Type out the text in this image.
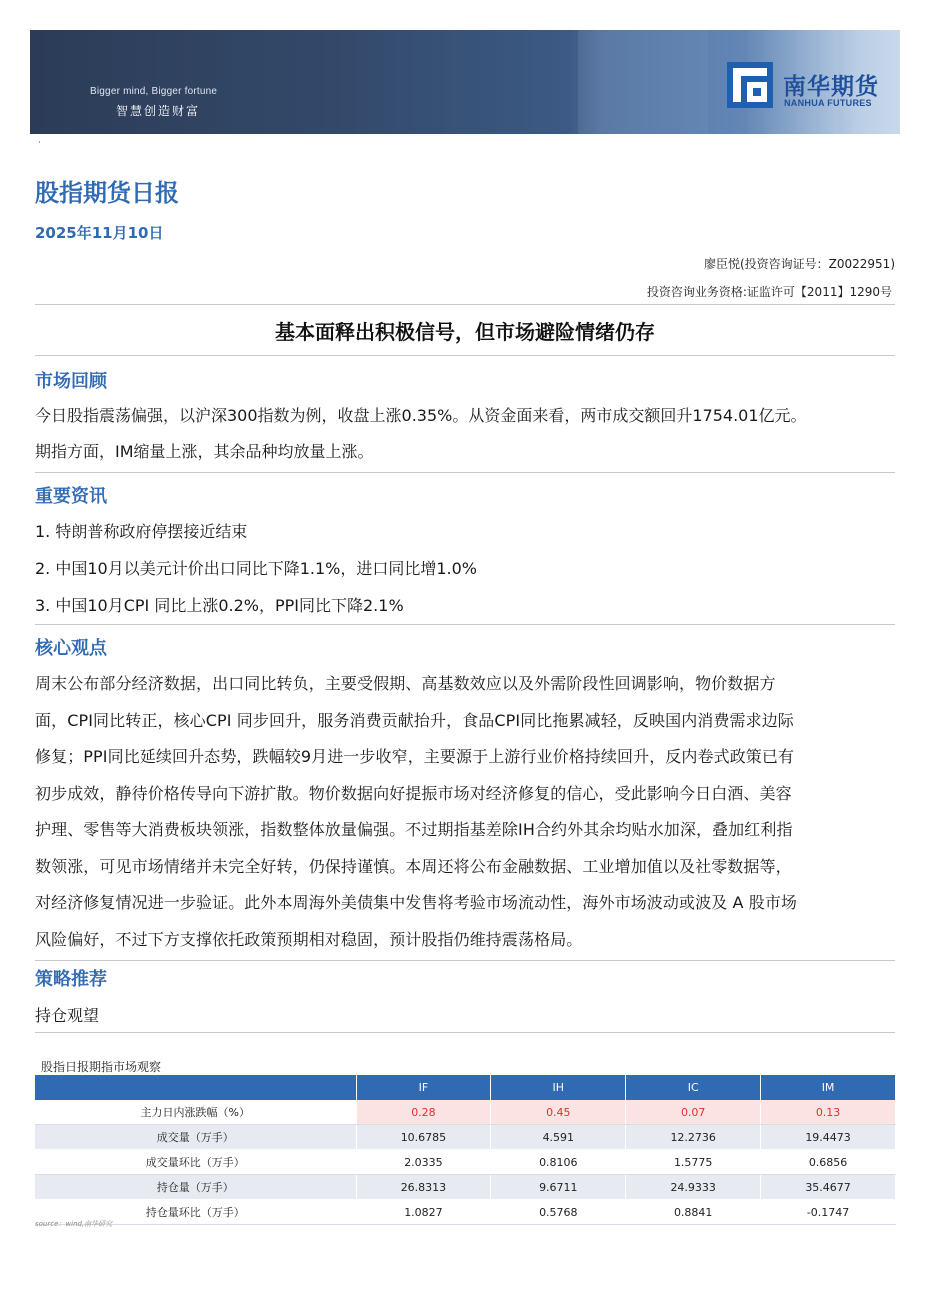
Bigger mind, Bigger fortune
智慧创造财富
南华期货
NANHUA FUTURES
·
股指期货日报
2025年11月10日
廖臣悦(投资咨询证号：Z0022951)
投资咨询业务资格:证监许可【2011】1290号
基本面释出积极信号，但市场避险情绪仍存
市场回顾
今日股指震荡偏强，以沪深300指数为例，收盘上涨0.35%。从资金面来看，两市成交额回升1754.01亿元。
期指方面，IM缩量上涨，其余品种均放量上涨。
重要资讯
1. 特朗普称政府停摆接近结束
2. 中国10月以美元计价出口同比下降1.1%，进口同比增1.0%
3. 中国10月CPI 同比上涨0.2%，PPI同比下降2.1%
核心观点
周末公布部分经济数据，出口同比转负，主要受假期、高基数效应以及外需阶段性回调影响，物价数据方
面，CPI同比转正，核心CPI 同步回升，服务消费贡献抬升，食品CPI同比拖累减轻，反映国内消费需求边际
修复；PPI同比延续回升态势，跌幅较9月进一步收窄，主要源于上游行业价格持续回升，反内卷式政策已有
初步成效，静待价格传导向下游扩散。物价数据向好提振市场对经济修复的信心，受此影响今日白酒、美容
护理、零售等大消费板块领涨，指数整体放量偏强。不过期指基差除IH合约外其余均贴水加深，叠加红利指
数领涨，可见市场情绪并未完全好转，仍保持谨慎。本周还将公布金融数据、工业增加值以及社零数据等，
对经济修复情况进一步验证。此外本周海外美债集中发售将考验市场流动性，海外市场波动或波及 A 股市场
风险偏好，不过下方支撑依托政策预期相对稳固，预计股指仍维持震荡格局。
策略推荐
持仓观望
股指日报期指市场观察
	IF	IH	IC	IM
主力日内涨跌幅（%）	0.28	0.45	0.07	0.13
成交量（万手）	10.6785	4.591	12.2736	19.4473
成交量环比（万手）	2.0335	0.8106	1.5775	0.6856
持仓量（万手）	26.8313	9.6711	24.9333	35.4677
持仓量环比（万手）	1.0827	0.5768	0.8841	-0.1747
source：wind,南华研究
